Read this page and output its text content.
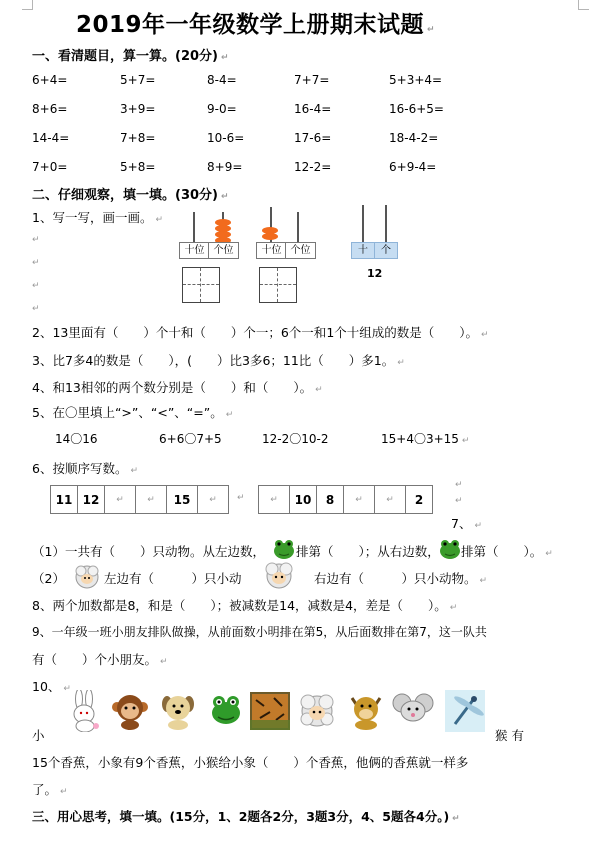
2019年一年级数学上册期末试题 ↵
一、看清题目，算一算。(20分) ↵
6+4=	5+7=	8-4=	7+7=	5+3+4=
8+6=	3+9=	9-0=	16-4=	16-6+5=
14-4=	7+8=	10-6=	17-6=	18-4-2=
7+0=	5+8=	8+9=	12-2=	6+9-4=
二、仔细观察，填一填。(30分) ↵
1、写一写，画一画。 ↵
↵
↵
↵
↵
十位 个位	十位 个位	十	个
12
2、13里面有（　　）个十和（　　）个一；6个一和1个十组成的数是（　　）。 ↵
3、比7多4的数是（　　），(　　）比3多6；11比（　　）多1。 ↵
4、和13相邻的两个数分别是（　　）和（　　）。 ↵
5、在〇里填上“>”、“<”、“=”。 ↵
14〇16	6+6〇7+5	12-2〇10-2	15+4〇3+15 ↵
6、按顺序写数。 ↵
11	12	↵	↵	15	↵ ↵	↵	10	8	↵	↵	2
↵
↵
7、 ↵
（1）一共有（　　）只动物。从左边数， 排第（　　）；从右边数， 排第（　　）。 ↵
（2）	左边有（　　　）只小动	右边有（　　　）只小动物。 ↵
8、两个加数都是8，和是（　　）；被减数是14，减数是4，差是（　　）。 ↵
9、一年级一班小朋友排队做操，从前面数小明排在第5，从后面数排在第7，这一队共
有（　　）个小朋友。 ↵
10、 ↵
小	猴 有
15个香蕉，小象有9个香蕉，小猴给小象（　　）个香蕉，他俩的香蕉就一样多
了。 ↵
三、用心思考，填一填。(15分，1、2题各2分，3题3分，4、5题各4分。) ↵
